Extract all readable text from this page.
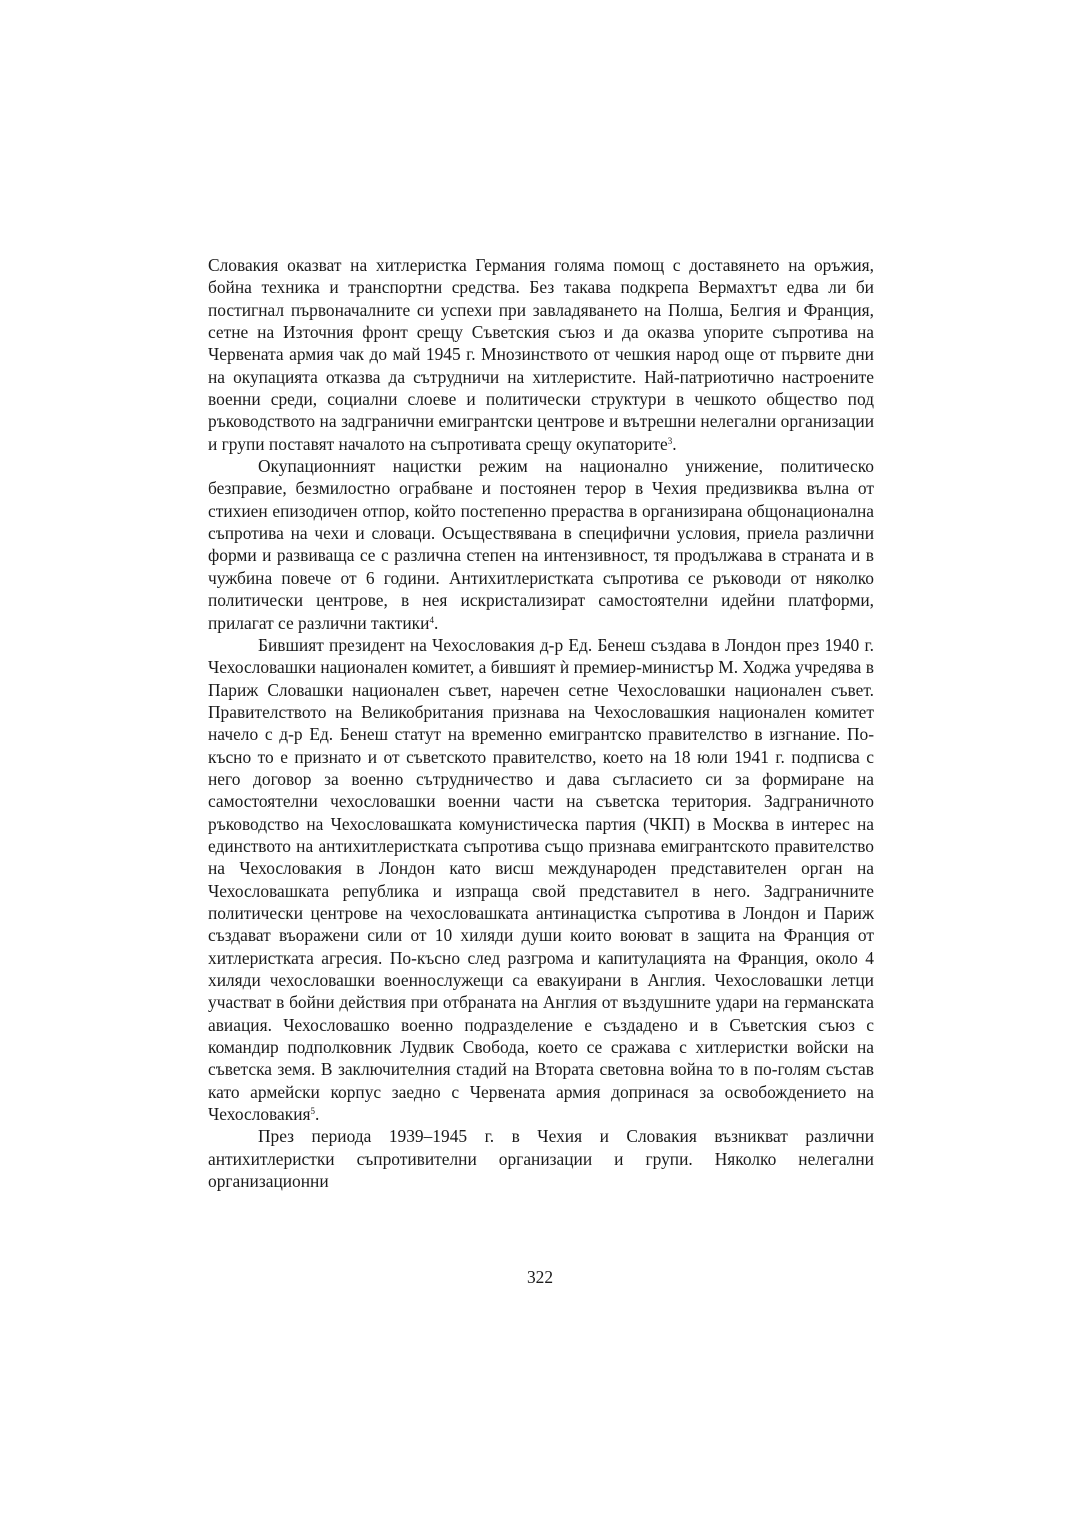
Словакия оказват на хитлеристка Германия голяма помощ с доставянето на оръжия, бойна техника и транспортни средства. Без такава подкрепа Вермахтът едва ли би постигнал първоначалните си успехи при завладяването на Полша, Белгия и Франция, сетне на Източния фронт срещу Съветския съюз и да оказва упорите съпротива на Червената армия чак до май 1945 г. Мнозинството от чешкия народ още от първите дни на окупацията отказва да сътрудничи на хитлеристите. Най-патриотично настроените военни среди, социални слоеве и политически структури в чешкото общество под ръководството на задгранични емигрантски центрове и вътрешни нелегални организации и групи поставят началото на съпротивата срещу окупаторите$^3$.

Окупационният нацистки режим на национално унижение, политическо безправие, безмилостно ограбване и постоянен терор в Чехия предизвиква вълна от стихиен епизодичен отпор, който постепенно прераства в организирана общонационална съпротива на чехи и словаци. Осъществявана в специфични условия, приела различни форми и развиваща се с различна степен на интензивност, тя продължава в страната и в чужбина повече от 6 години. Антихитлеристката съпротива се ръководи от няколко политически центрове, в нея искристализират самостоятелни идейни платформи, прилагат се различни тактики$^4$.

Бившият президент на Чехословакия д-р Ед. Бенеш създава в Лондон през 1940 г. Чехословашки национален комитет, а бившият ѝ премиер-министър М. Ходжа учредява в Париж Словашки национален съвет, наречен сетне Чехословашки национален съвет. Правителството на Великобритания признава на Чехословашкия национален комитет начело с д-р Ед. Бенеш статут на временно емигрантско правителство в изгнание. По-късно то е признато и от съветското правителство, което на 18 юли 1941 г. подписва с него договор за военно сътрудничество и дава съгласието си за формиране на самостоятелни чехословашки военни части на съветска територия. Задграничното ръководство на Чехословашката комунистическа партия (ЧКП) в Москва в интерес на единството на антихитлеристката съпротива също признава емигрантското правителство на Чехословакия в Лондон като висш международен представителен орган на Чехословашката република и изпраща свой представител в него. Задграничните политически центрове на чехословашката антинацистка съпротива в Лондон и Париж създават въоражени сили от 10 хиляди души които воюват в защита на Франция от хитлеристката агресия. По-късно след разгрома и капитулацията на Франция, около 4 хиляди чехословашки военнослужещи са евакуирани в Англия. Чехословашки летци участват в бойни действия при отбраната на Англия от въздушните удари на германската авиация. Чехословашко военно подразделение е създадено и в Съветския съюз с командир подполковник Лудвик Свобода, което се сражава с хитлеристки войски на съветска земя. В заключителния стадий на Втората световна война то в по-голям състав като армейски корпус заедно с Червената армия допринася за освобождението на Чехословакия$^5$.

През периода 1939–1945 г. в Чехия и Словакия възникват различни антихитлеристки съпротивителни организации и групи. Няколко нелегални организационни

322
